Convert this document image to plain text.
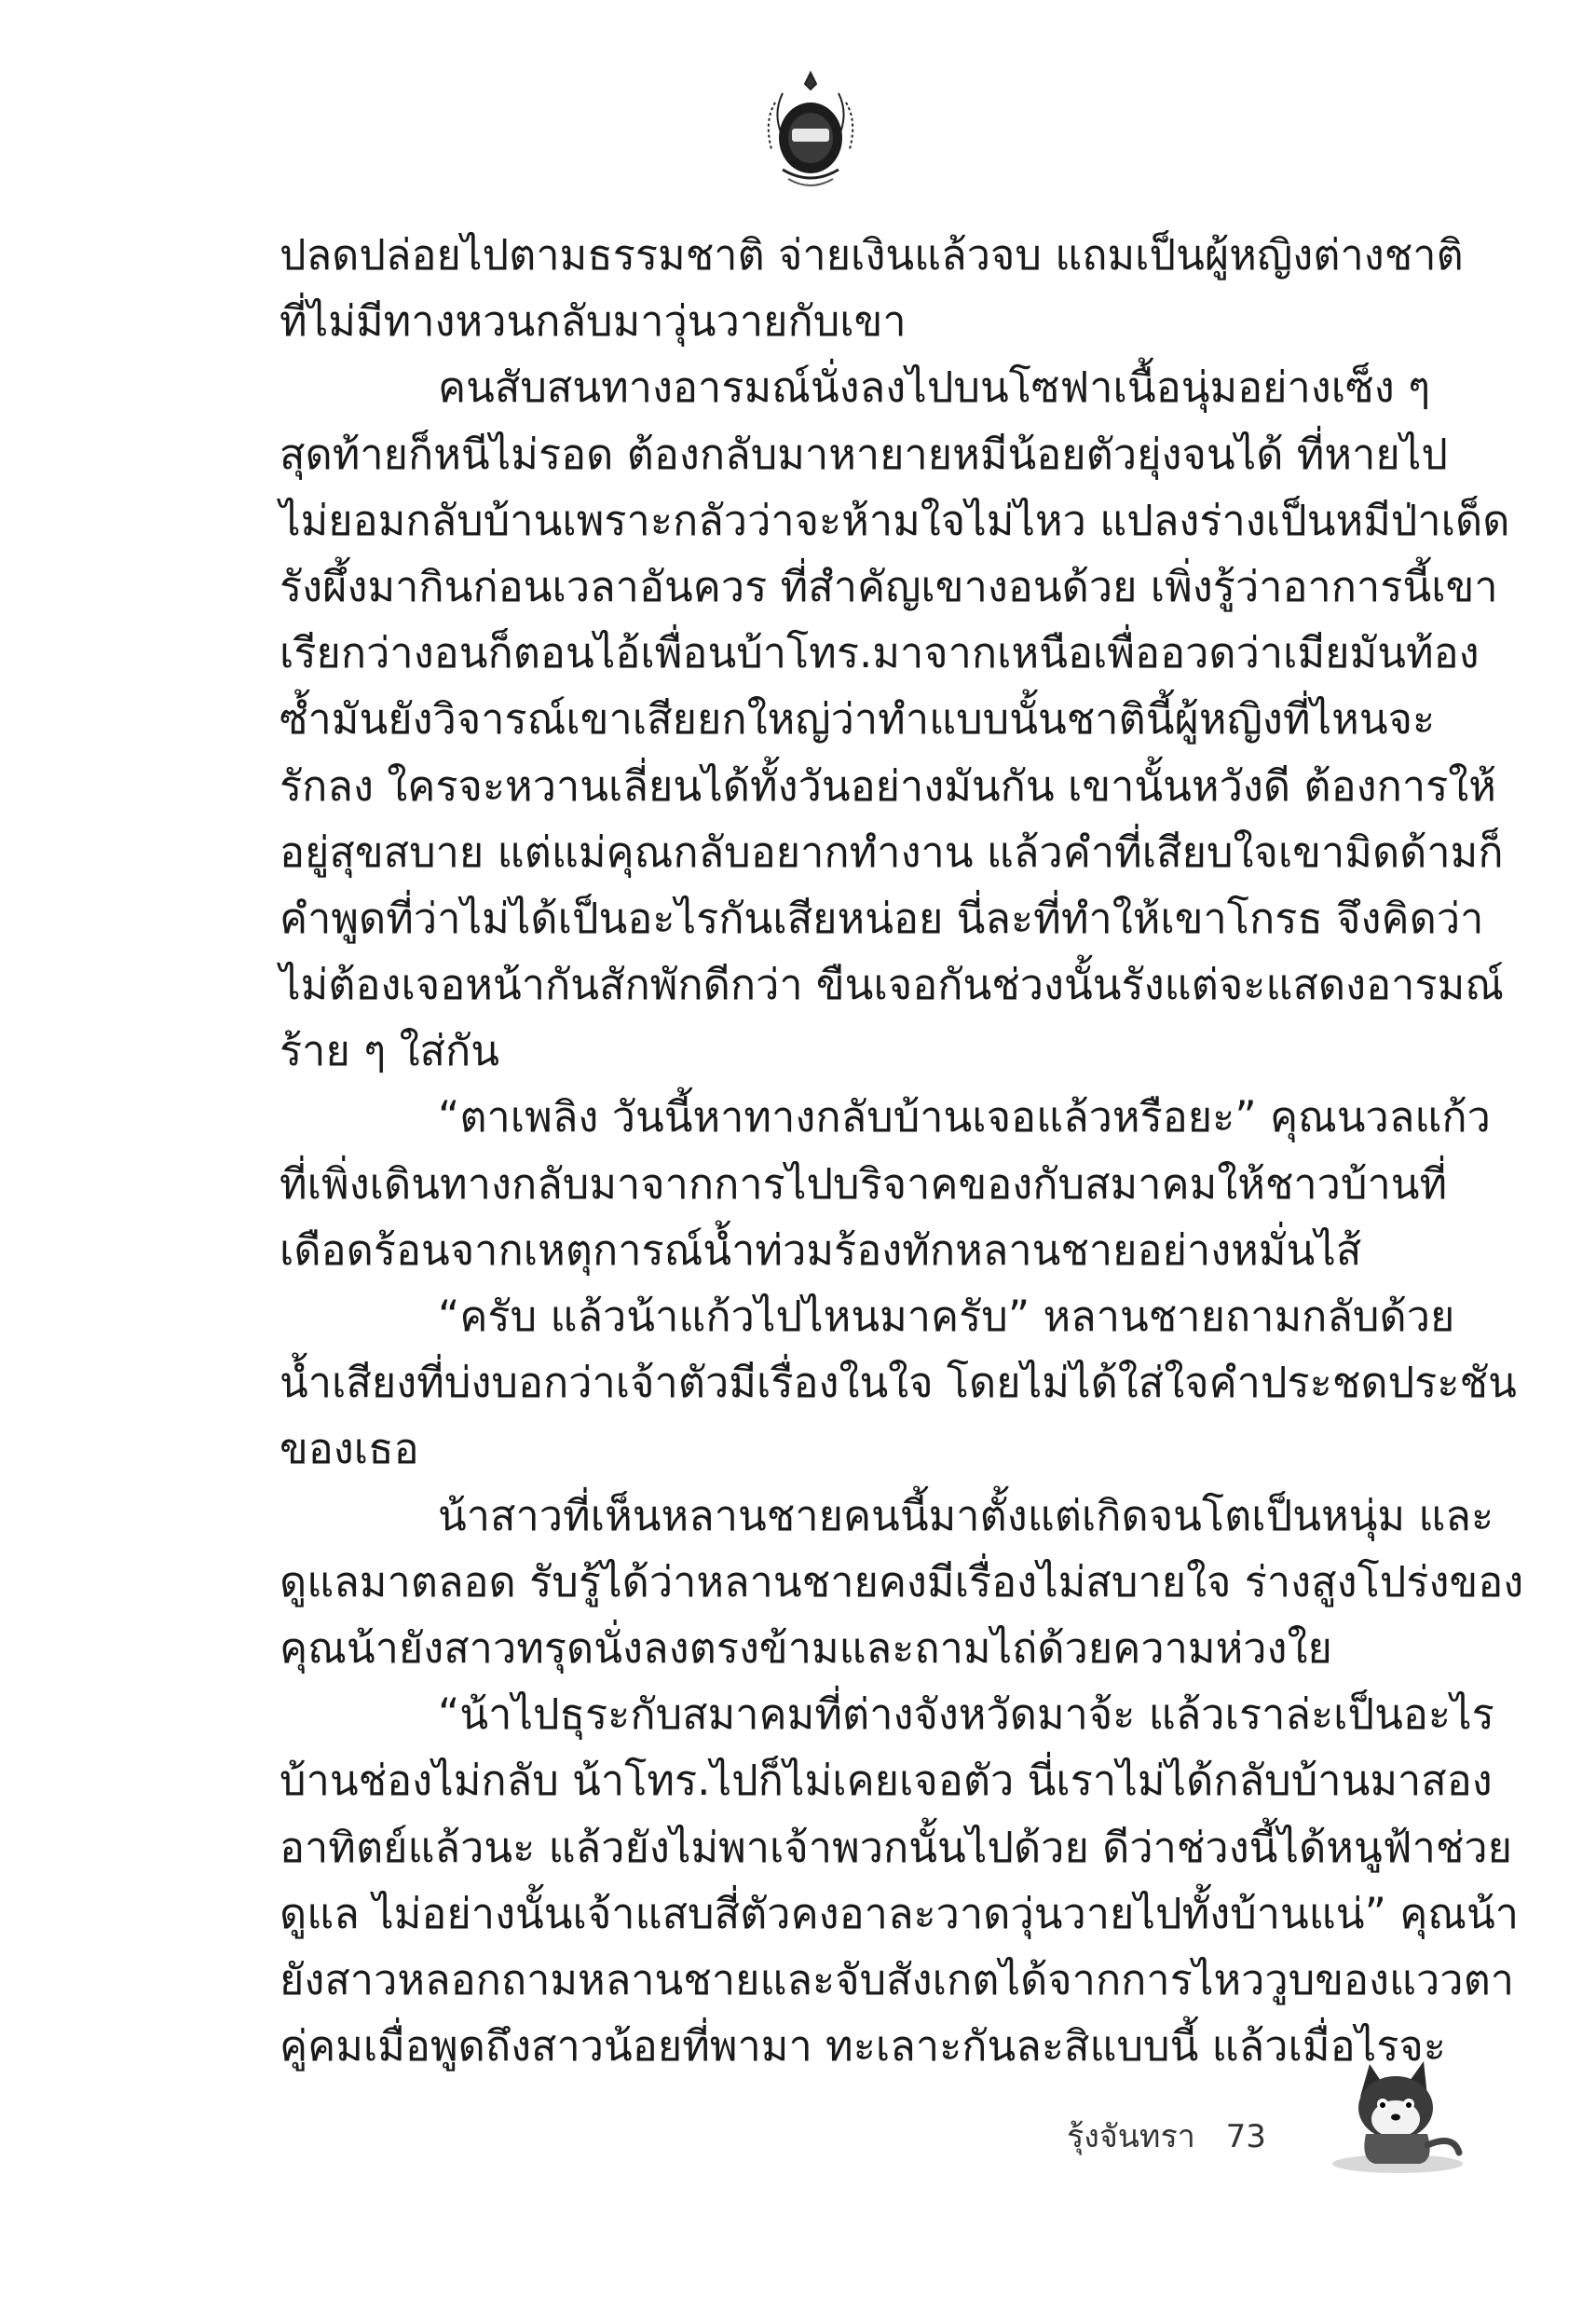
ปลดปล่อยไปตามธรรมชาติ จ่ายเงินแล้วจบ แถมเป็นผู้หญิงต่างชาติ
ที่ไม่มีทางหวนกลับมาวุ่นวายกับเขา
คนสับสนทางอารมณ์นั่งลงไปบนโซฟาเนื้อนุ่มอย่างเซ็ง ๆ
สุดท้ายก็หนีไม่รอด ต้องกลับมาหายายหมีน้อยตัวยุ่งจนได้ ที่หายไป
ไม่ยอมกลับบ้านเพราะกลัวว่าจะห้ามใจไม่ไหว แปลงร่างเป็นหมีป่าเด็ด
รังผึ้งมากินก่อนเวลาอันควร ที่สำคัญเขางอนด้วย เพิ่งรู้ว่าอาการนี้เขา
เรียกว่างอนก็ตอนไอ้เพื่อนบ้าโทร.มาจากเหนือเพื่ออวดว่าเมียมันท้อง
ซ้ำมันยังวิจารณ์เขาเสียยกใหญ่ว่าทำแบบนั้นชาตินี้ผู้หญิงที่ไหนจะ
รักลง ใครจะหวานเลี่ยนได้ทั้งวันอย่างมันกัน เขานั้นหวังดี ต้องการให้
อยู่สุขสบาย แต่แม่คุณกลับอยากทำงาน แล้วคำที่เสียบใจเขามิดด้ามก็
คำพูดที่ว่าไม่ได้เป็นอะไรกันเสียหน่อย นี่ละที่ทำให้เขาโกรธ จึงคิดว่า
ไม่ต้องเจอหน้ากันสักพักดีกว่า ขืนเจอกันช่วงนั้นรังแต่จะแสดงอารมณ์
ร้าย ๆ ใส่กัน
“ตาเพลิง วันนี้หาทางกลับบ้านเจอแล้วหรือยะ” คุณนวลแก้ว
ที่เพิ่งเดินทางกลับมาจากการไปบริจาคของกับสมาคมให้ชาวบ้านที่
เดือดร้อนจากเหตุการณ์น้ำท่วมร้องทักหลานชายอย่างหมั่นไส้
“ครับ แล้วน้าแก้วไปไหนมาครับ” หลานชายถามกลับด้วย
น้ำเสียงที่บ่งบอกว่าเจ้าตัวมีเรื่องในใจ โดยไม่ได้ใส่ใจคำประชดประชัน
ของเธอ
น้าสาวที่เห็นหลานชายคนนี้มาตั้งแต่เกิดจนโตเป็นหนุ่ม และ
ดูแลมาตลอด รับรู้ได้ว่าหลานชายคงมีเรื่องไม่สบายใจ ร่างสูงโปร่งของ
คุณน้ายังสาวทรุดนั่งลงตรงข้ามและถามไถ่ด้วยความห่วงใย
“น้าไปธุระกับสมาคมที่ต่างจังหวัดมาจ้ะ แล้วเราล่ะเป็นอะไร
บ้านช่องไม่กลับ น้าโทร.ไปก็ไม่เคยเจอตัว นี่เราไม่ได้กลับบ้านมาสอง
อาทิตย์แล้วนะ แล้วยังไม่พาเจ้าพวกนั้นไปด้วย ดีว่าช่วงนี้ได้หนูฟ้าช่วย
ดูแล ไม่อย่างนั้นเจ้าแสบสี่ตัวคงอาละวาดวุ่นวายไปทั้งบ้านแน่” คุณน้า
ยังสาวหลอกถามหลานชายและจับสังเกตได้จากการไหววูบของแววตา
คู่คมเมื่อพูดถึงสาวน้อยที่พามา ทะเลาะกันละสิแบบนี้ แล้วเมื่อไรจะ
รุ้งจันทรา 73
